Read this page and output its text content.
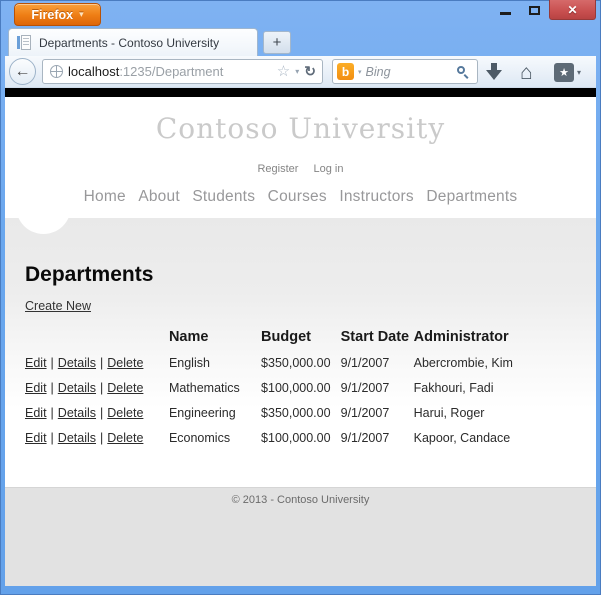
Firefox ▾	✕
Departments - Contoso University	+
←	localhost:1235/Department	☆ ▾ ↻	b	▾
Bing	⌂ ★ ▾
Contoso University
Register Log in
Home About Students Courses Instructors Departments
Departments
Create New
	Name	Budget	Start Date	Administrator
Edit | Details | Delete	English	$350,000.00	9/1/2007	Abercrombie, Kim
Edit | Details | Delete	Mathematics	$100,000.00	9/1/2007	Fakhouri, Fadi
Edit | Details | Delete	Engineering	$350,000.00	9/1/2007	Harui, Roger
Edit | Details | Delete	Economics	$100,000.00	9/1/2007	Kapoor, Candace
© 2013 - Contoso University
